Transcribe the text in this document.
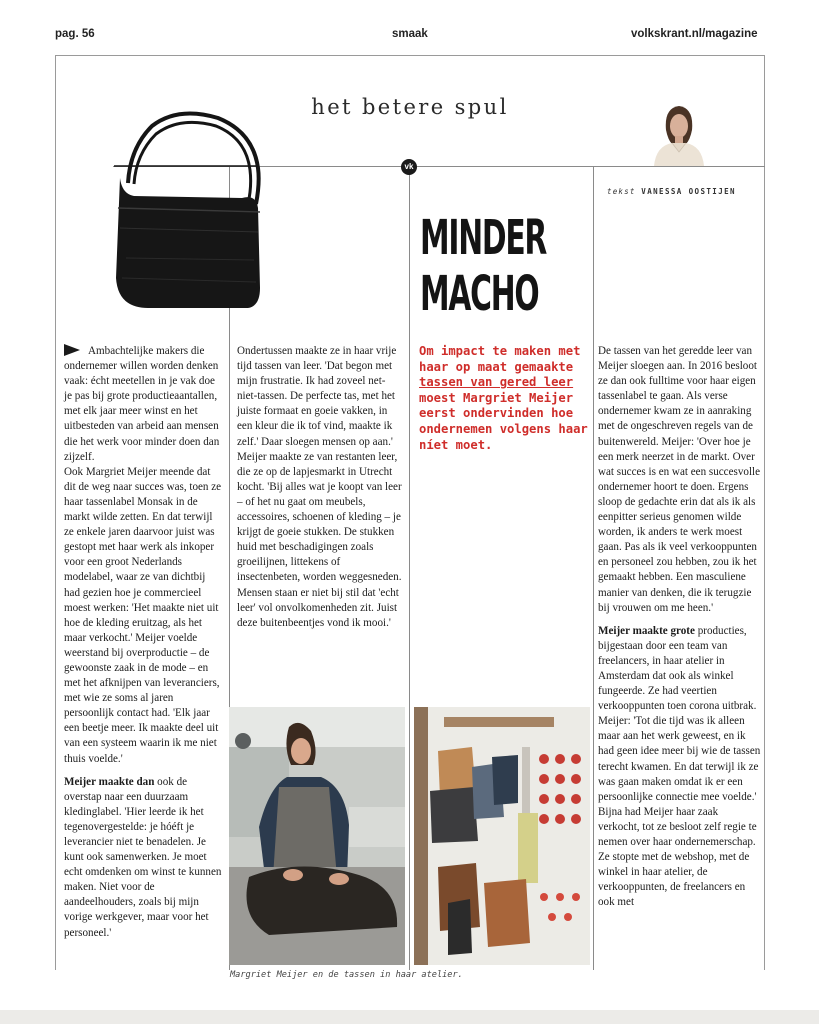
pag. 56	smaak	volkskrant.nl/magazine
het betere spul
vk
tekst VANESSA OOSTIJEN
MINDER
MACHO
Om impact te maken met haar op maat gemaakte tassen van gered leer moest Margriet Meijer eerst ondervinden hoe ondernemen volgens haar níet moet.

Ambachtelijke makers die ondernemer willen worden denken vaak: écht meetellen in je vak doe je pas bij grote productieaantallen, met elk jaar meer winst en het uitbesteden van arbeid aan mensen die het werk voor minder doen dan zijzelf.

Ook Margriet Meijer meende dat dit de weg naar succes was, toen ze haar tassenlabel Monsak in de markt wilde zetten. En dat terwijl ze enkele jaren daarvoor juist was gestopt met haar werk als inkoper voor een groot Nederlands modelabel, waar ze van dichtbij had gezien hoe je commercieel moest werken: 'Het maakte niet uit hoe de kleding eruitzag, als het maar verkocht.' Meijer voelde weerstand bij overproductie – de gewoonste zaak in de mode – en met het afknijpen van leveranciers, met wie ze soms al jaren persoonlijk contact had. 'Elk jaar een beetje meer. Ik maakte deel uit van een systeem waarin ik me niet thuis voelde.'

Meijer maakte dan ook de overstap naar een duurzaam kledinglabel. 'Hier leerde ik het tegenovergestelde: je hóéft je leverancier niet te benadelen. Je kunt ook samenwerken. Je moet echt omdenken om winst te kunnen maken. Niet voor de aandeelhouders, zoals bij mijn vorige werkgever, maar voor het personeel.'

Ondertussen maakte ze in haar vrije tijd tassen van leer. 'Dat begon met mijn frustratie. Ik had zoveel net-niet-tassen. De perfecte tas, met het juiste formaat en goeie vakken, in een kleur die ik tof vind, maakte ik zelf.' Daar sloegen mensen op aan.' Meijer maakte ze van restanten leer, die ze op de lapjesmarkt in Utrecht kocht. 'Bij alles wat je koopt van leer – of het nu gaat om meubels, accessoires, schoenen of kleding – je krijgt de goeie stukken. De stukken huid met beschadigingen zoals groeilijnen, littekens of insectenbeten, worden weggesneden. Mensen staan er niet bij stil dat 'echt leer' vol onvolkomenheden zit. Juist deze buitenbeentjes vond ik mooi.'

De tassen van het geredde leer van Meijer sloegen aan. In 2016 besloot ze dan ook fulltime voor haar eigen tassenlabel te gaan. Als verse ondernemer kwam ze in aanraking met de ongeschreven regels van de buitenwereld. Meijer: 'Over hoe je een merk neerzet in de markt. Over wat succes is en wat een succesvolle ondernemer hoort te doen. Ergens sloop de gedachte erin dat als ik als eenpitter serieus genomen wilde worden, ik anders te werk moest gaan. Pas als ik veel verkooppunten en personeel zou hebben, zou ik het gemaakt hebben. Een masculiene manier van denken, die ik terugzie bij vrouwen om me heen.'

Meijer maakte grote producties, bijgestaan door een team van freelancers, in haar atelier in Amsterdam dat ook als winkel fungeerde. Ze had veertien verkooppunten toen corona uitbrak. Meijer: 'Tot die tijd was ik alleen maar aan het werk geweest, en ik had geen idee meer bij wie de tassen terecht kwamen. En dat terwijl ik ze was gaan maken omdat ik er een persoonlijke connectie mee voelde.'

Bijna had Meijer haar zaak verkocht, tot ze besloot zelf regie te nemen over haar ondernemerschap. Ze stopte met de webshop, met de winkel in haar atelier, de verkooppunten, de freelancers en ook met

Margriet Meijer en de tassen in haar atelier.
